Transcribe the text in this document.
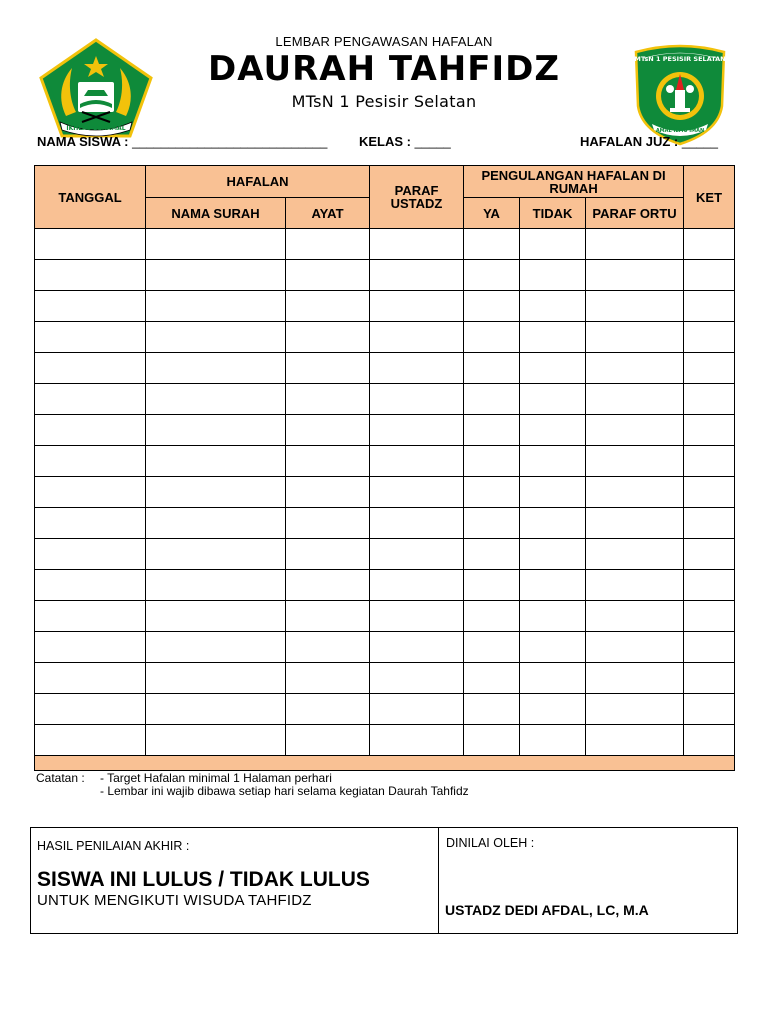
IKHLAS BERAMAL
MTsN 1 PESISIR SELATAN
AMAL ILMU IMAN
LEMBAR PENGAWASAN HAFALAN
DAURAH TAHFIDZ
MTsN 1 Pesisir Selatan
NAMA SISWA : ___________________________ KELAS : _____	HAFALAN JUZ : _____
TANGGAL	HAFALAN		PARAF USTADZ	PENGULANGAN HAFALAN DI RUMAH			KET
	NAMA SURAH	AYAT		YA	TIDAK	PARAF ORTU	

Catatan : - Target Hafalan minimal 1 Halaman perhari
- Lembar ini wajib dibawa setiap hari selama kegiatan Daurah Tahfidz
HASIL PENILAIAN AKHIR :
SISWA INI LULUS / TIDAK LULUS
UNTUK MENGIKUTI WISUDA TAHFIDZ
DINILAI OLEH :
USTADZ DEDI AFDAL, LC, M.A
